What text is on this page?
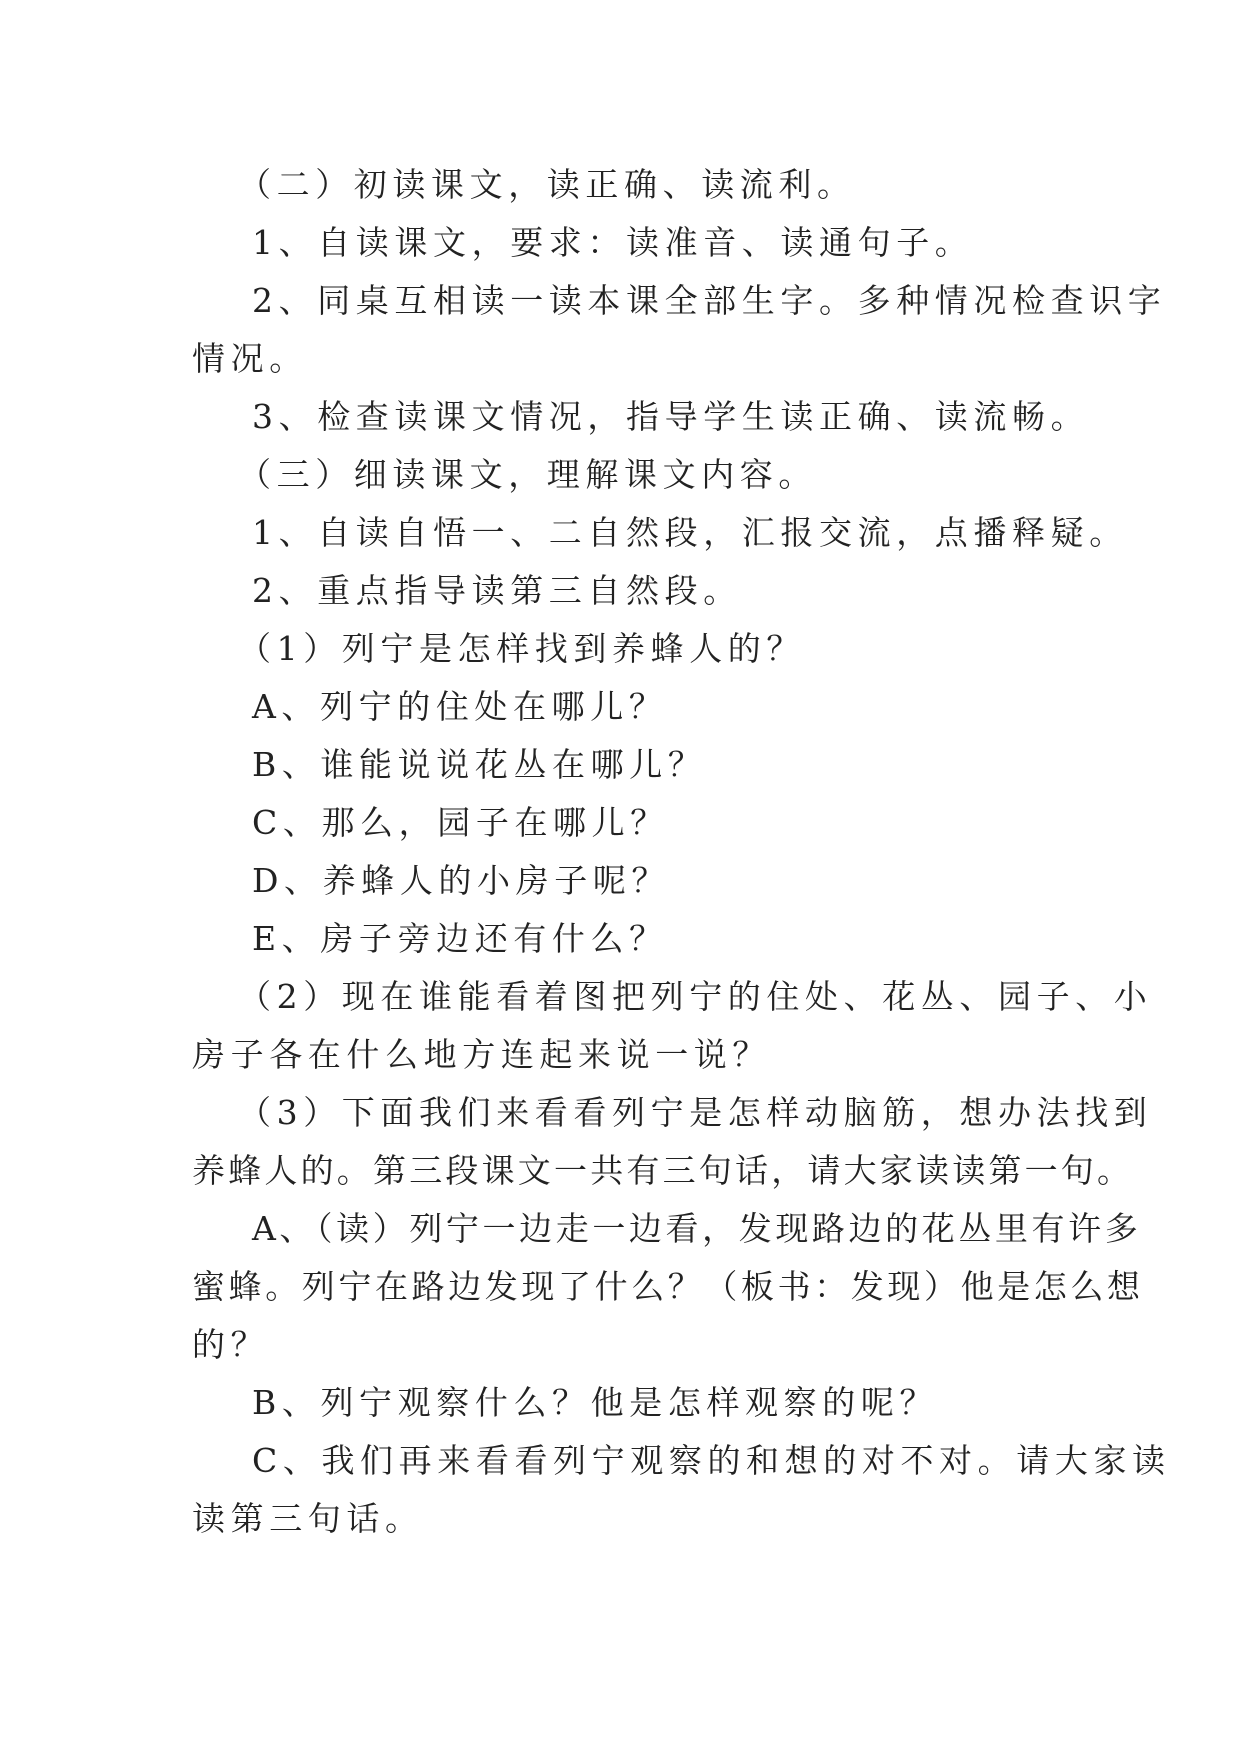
（二）初读课文，读正确、读流利。
1、自读课文，要求：读准音、读通句子。
2、同桌互相读一读本课全部生字。多种情况检查识字
情况。
3、检查读课文情况，指导学生读正确、读流畅。
（三）细读课文，理解课文内容。
1、自读自悟一、二自然段，汇报交流，点播释疑。
2、重点指导读第三自然段。
（1）列宁是怎样找到养蜂人的？
A、列宁的住处在哪儿？
B、谁能说说花丛在哪儿？
C、那么，园子在哪儿？
D、养蜂人的小房子呢？
E、房子旁边还有什么？
（2）现在谁能看着图把列宁的住处、花丛、园子、小
房子各在什么地方连起来说一说？
（3）下面我们来看看列宁是怎样动脑筋，想办法找到
养蜂人的。第三段课文一共有三句话，请大家读读第一句。
A、（读）列宁一边走一边看，发现路边的花丛里有许多
蜜蜂。列宁在路边发现了什么？（板书：发现）他是怎么想
的？
B、列宁观察什么？他是怎样观察的呢？
C、我们再来看看列宁观察的和想的对不对。请大家读
读第三句话。
